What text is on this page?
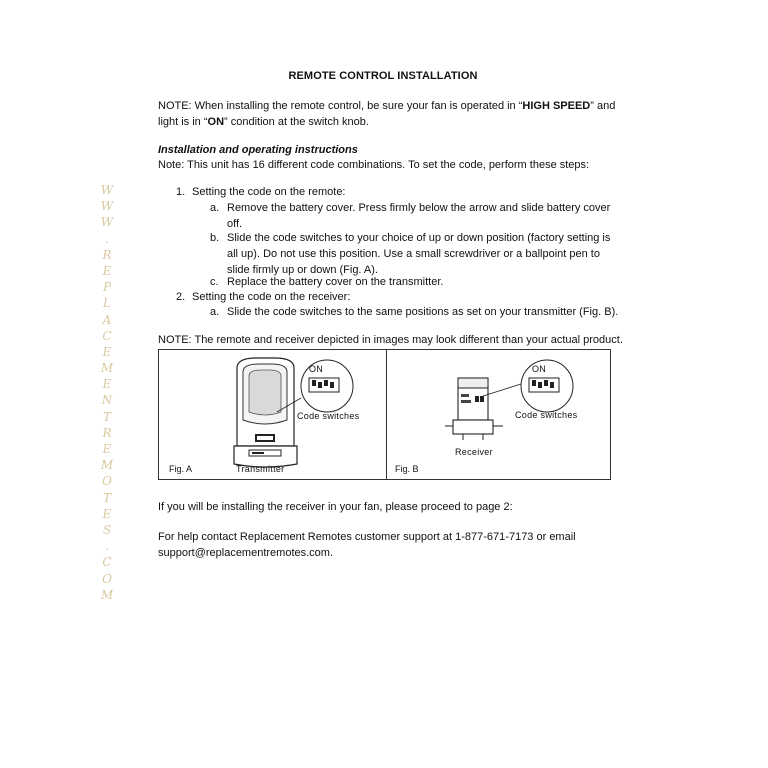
W
W
W
.
R
E
P
L
A
C
E
M
E
N
T
R
E
M
O
T
E
S
.
C
O
M
REMOTE CONTROL INSTALLATION
NOTE: When installing the remote control, be sure your fan is operated in “HIGH SPEED” and
light is in “ON” condition at the switch knob.
Installation and operating instructions
Note: This unit has 16 different code combinations. To set the code, perform these steps:
1. Setting the code on the remote:
a. Remove the battery cover. Press firmly below the arrow and slide battery cover
off.
b. Slide the code switches to your choice of up or down position (factory setting is
all up). Do not use this position. Use a small screwdriver or a ballpoint pen to
slide firmly up or down (Fig. A).
c. Replace the battery cover on the transmitter.
2. Setting the code on the receiver:
a. Slide the code switches to the same positions as set on your transmitter (Fig. B).
NOTE: The remote and receiver depicted in images may look different than your actual product.
ON
Code switches
Fig. A	Transmitter
ON
Code switches
Receiver
Fig. B
If you will be installing the receiver in your fan, please proceed to page 2:
For help contact Replacement Remotes customer support at 1-877-671-7173 or email
support@replacementremotes.com.
